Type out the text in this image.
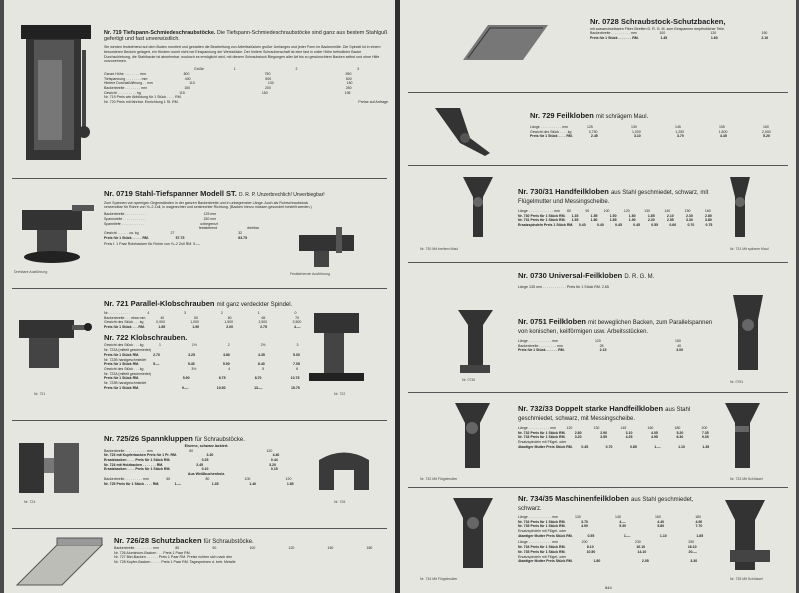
Nr. 719 Tiefspann-Schmiedeschraubstöcke. Die Tiefspann-Schmiedeschraubstöcke sind ganz aus bestem Stahlguß gefertigt und fast unverwüstlich.
Sie werden feststehend auf dem Boden montiert und gestatten die Bearbeitung von Arbeitsstücken großer Umfanges und jeder Form im Backenmitte. Die Spindel ist in einem besonderen Becken gelagert, ein Hindern somit nicht bei Einspannung der Werkstücke. Der hintere Schraubenschaft ist eine fast in voller Höhe befindliche Backe Durchschiebung, die Stahlbacke ist abnehmbar, wodurch es ermöglicht wird, mit diesem Schraubstock Biegungen aller Art bis zu gewünschtem Backen selbst und ohne Hilfe vorzunehmen.
Größe	1	2	3
Ganze Höhe . . . . . . . . mm	800	750	950
Tiefspannung . . . . . . . . mm	400	500	600
Hintere Durchlaßöffnung . . mm	110	130	150
Backenbreite . . . . . . . . mm	150	200	250
Gewicht . . . . . . . . . . kg	115	150	195
Nr. 719 Preis wie Abbildung für 1 Stück . . . . RM.
Nr. 720 Preis mit fahrbar. Einrichtung 1 St. RM.	Preise auf Anfrage.
Nr. 0719 Stahl-Tiefspanner Modell ST. D. R. P. Unzerbrechlich! Unverbiegbar!
Zum Spannen von sperrigen Gegenständen in der ganzen Backenbreite und in unbegrenzter Länge. Auch als Rohrschraubstock verwendbar für Rohre von ½–2 Zoll, in wagerechter und senkrechter Richtung. (Backen hierzu müssen gesondert bestellt werden.)
Backenbreite . . . . . . . . . . .	125 mm
Spannweite . . . . . . . . . . . .	150 mm
Spanntiefe . . . . . . . . . . . .	unbegrenzt
feststehend	drehbar
Gewicht . . . . . . ca. kg	27	32
Preis für 1 Stück . . . . . RM.	57.75	63.75
Preis f. 1 Paar Rohrbacken für Rohre von ½–2 Zoll RM. 5.—
Drehbare Ausführung	Feststehende Ausführung
Nr. 721
Nr. 721 Parallel-Klobschrauben mit ganz verdeckter Spindel.
Nr. . . . . . . . . . . .	4	3	2	1	0
Backenbreite . . . etwa mm	40	50	60	65	70
Gewicht des Stück . . . kg	0,900	1,000	1,500	2,500	3,500
Preis für 1 Stück . . . RM.	1.65	1.90	2.00	2.75	4.—
Nr. 722 Klobschrauben.
Gewicht des Stück . . . kg	1	1½	2	2½	3
Nr. 722A (mittelt geschmiedet)
Preis für 1 Stück RM.	2.70	3.25	3.80	4.35	5.00
Nr. 722B handgeschmiedet
Preis für 1 Stück RM.	5.—	5.45	5.90	6.40	7.05
Gewicht des Stück . . . kg	3½	4	5	6
Nr. 722A (mittelt geschmiedet)
Preis für 1 Stück RM.	5.90	6.75	8.70	10.75
Nr. 722B handgeschmiedet
Preis für 1 Stück RM.	9.—	10.50	13.—	15.75
Nr. 722
Nr. 724
Nr. 725/26 Spannkluppen für Schraubstöcke.
Eiserne, schwarz lackiert.
Backenbreite . . . . . . . . . . . mm	80	120
Nr. 723 mit Kupferbacken Preis für 1 Pr. RM.	3.20	4.40
Ersatzbacken . . . . Preis für 1 Stück RM.	0.25	0.44
Nr. 724 mit Holzbacken . . . . . . . RM.	2.45	3.20
Ersatzbacken . . . . Preis für 1 Stück RM.	0.10	0.15
Aus Weißbuchenholz.
Backenbreite . . . . . . . . . mm	60	80	100	120
Nr. 725 Preis für 1 Stück . . . . RM.	1.—	1.35	1.40	1.65
Nr. 726
Nr. 726/28 Schutzbacken für Schraubstöcke.
Backenbreite . . . . . . . . . mm	80	90	100	120	150	180
Nr. 726 Aluminium-Backen . . . Preis 1 Paar RM.
Nr. 727 Blei-Backen . . . . . . Preis 1 Paar RM. Preise richten sich nach den
Nr. 728 Kupfer-Backen . . . . . Preis 1 Paar RM. Tagespreisen d. betr. Metalle
Nr. 0728 Schraubstock-Schutzbacken,
mit auswechselbaren Fiber-Streifen D. R. G. M. zum Einspannen empfindlicher Teile.
Backenbreite . . . . . . . . . . mm	100	120	150
Preis für 1 Stück . . . . . . . RM.	1.45	1.60	2.10
Nr. 729 Feilkloben mit schrägem Maul.
Länge . . . . . . . . . . . mm	125	130	145	155	160
Gewicht des Stück . . . . kg	0,750	1,000	1,250	1,500	2,000
Preis für 1 Stück . . . . RM.	2.45	3.10	3.70	4.45	5.20
Nr. 730/31 Handfeilkloben aus Stahl geschmiedet, schwarz, mit Flügelmutter und Messingscheibe.
Länge . . . . . . . . . . . . . mm 80	90	100	120	130	140	150	160
Nr. 730 Preis für 1 Stück RM. 1.35	1.55	1.50	1.60	1.85	2.10	2.30	2.80
Nr. 731 Preis für 1 Stück RM. 1.55	1.80	1.85	1.90	2.30	2.55	3.30	3.80
Ersatzspindeln Preis 1 Stück RM. 0.40	0.40	0.45	0.45	0.55	0.60	0.70	0.75
Nr. 730 Mit breitem Maul	Nr. 731 Mit spitzem Maul
Nr. 0730 Universal-Feilkloben D. R. G. M.
Länge 135 mm . . . . . . . . . . . . Preis für 1 Stück RM. 2.65
Nr. 0751 Feilkloben mit beweglichen Backen, zum Parallelspannen von konischen, keilförmigen usw. Arbeitsstücken.
Länge . . . . . . . . . . . . mm	120	150
Backenbreite . . . . . . . . . mm	28	40
Preis für 1 Stück . . . . . . RM.	2.15	3.00
Nr. 0730	Nr. 0751
Nr. 732/33 Doppelt starke Handfeilkloben aus Stahl geschmiedet, schwarz, mit Messingscheibe.
Länge . . . . . . . . . . . mm	120	130	145	160	180	200
Nr. 732 Preis für 1 Stück RM.	2.80	2.90	3.10	4.05	5.20	7.35
Nr. 733 Preis für 1 Stück RM.	3.20	3.55	4.25	4.95	6.30	9.35
Ersatzspindeln mit Flügel- oder
4kantiger Mutter Preis Stück RM. 0.45	0.70	0.85	1.—	1.10	1.35
Nr. 732 Mit Flügelmutter	Nr. 733 Mit Schlüssel
Nr. 734/35 Maschinenfeilkloben aus Stahl geschmiedet, schwarz.
Länge . . . . . . . . . . . . mm	130	145	160	180
Nr. 734 Preis für 1 Stück RM.	3.70	4.—	4.40	4.90
Nr. 735 Preis für 1 Stück RM.	4.90	5.30	5.80	7.70
Ersatzspindeln mit Flügel- oder
4kantiger Mutter Preis Stück RM.	0.55	1.—	1.10	1.65
Länge . . . . . . . . . . . . mm	200	230	250
Nr. 734 Preis für 1 Stück RM.	8.10	10.10	16.10
Nr. 735 Preis für 1 Stück RM.	10.50	14.10	20.—
Ersatzspindeln mit Flügel- oder
4kantiger Mutter Preis Stück RM.	1.80	2.05	3.30
Nr. 734 Mit Flügelmutter	Nr. 735 Mit Schlüssel
844
